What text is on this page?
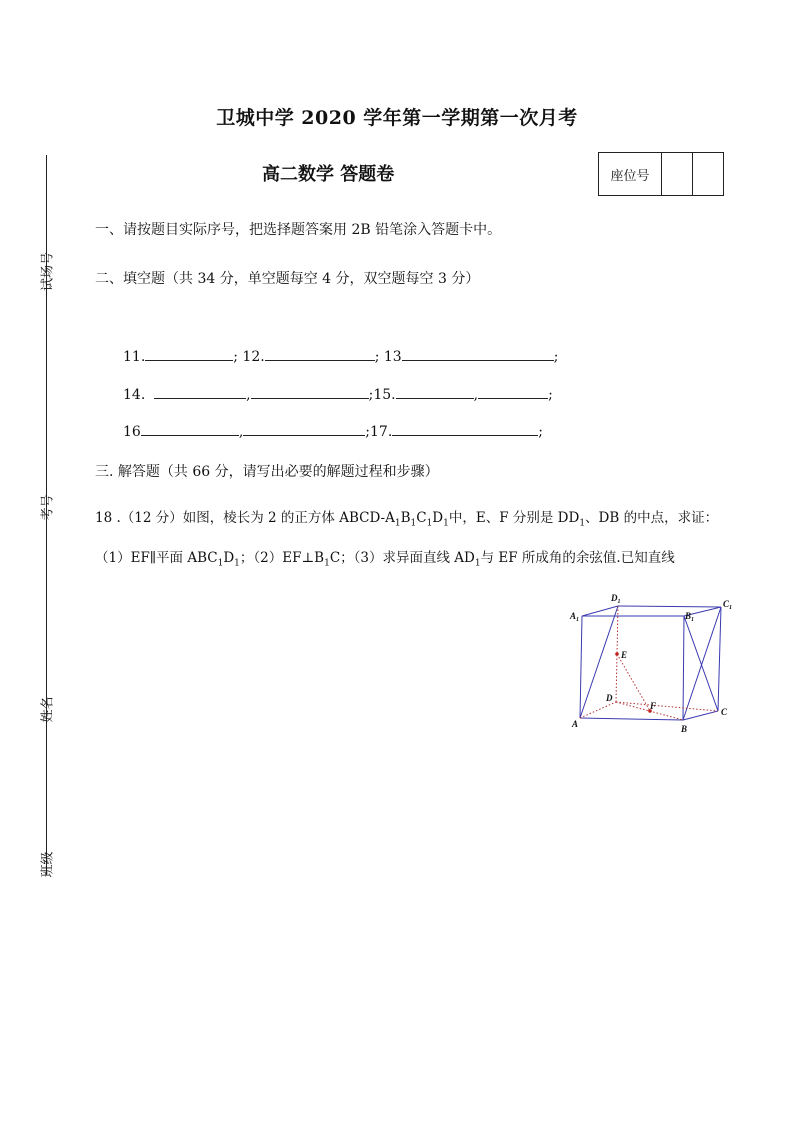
试场号
考号
姓名
班级
卫城中学 2020 学年第一学期第一次月考
高二数学 答题卷	座位号
一、请按题目实际序号，把选择题答案用 2B 铅笔涂入答题卡中。
二、填空题（共 34 分，单空题每空 4 分，双空题每空 3 分）
11.	; 12.	; 13	;
14.	,	;15.	,	;
16	,	;17.	;
三. 解答题（共 66 分，请写出必要的解题过程和步骤）
18 .（12 分）如图，棱长为 2 的正方体 ABCD-$A_1B_1C_1D_1$中，E、F 分别是 $DD_1$、DB 的中点，求证：
（1）EF∥平面 $ABC_1D_1$；$(2)EF\perp B_1C$；（3）求异面直线 $AD_1$与 EF 所成角的余弦值.已知直线
$A_1$
$D_1$
$B_1$
$C_1$
E
D
F
A	B
C
